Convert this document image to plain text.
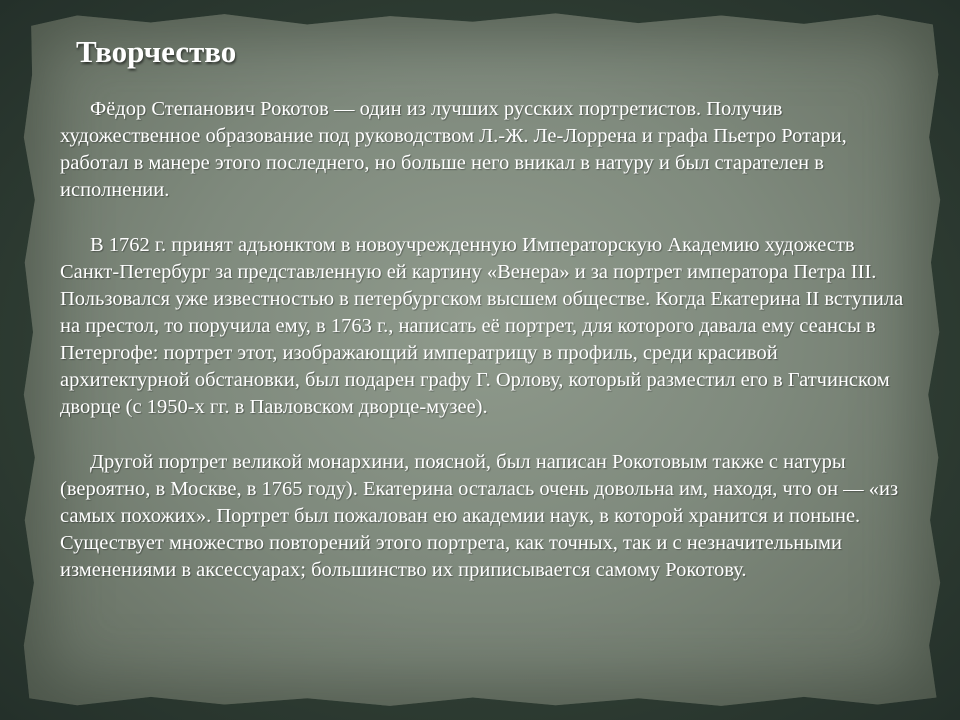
Творчество

Фёдор Степанович Рокотов — один из лучших русских портретистов. Получив художественное образование под руководством Л.-Ж. Ле-Лоррена и графа Пьетро Ротари, работал в манере этого последнего, но больше него вникал в натуру и был старателен в исполнении.

В 1762 г. принят адъюнктом в новоучрежденную Императорскую Академию художеств Санкт-Петербург за представленную ей картину «Венера» и за портрет императора Петра III. Пользовался уже известностью в петербургском высшем обществе. Когда Екатерина II вступила на престол, то поручила ему, в 1763 г., написать её портрет, для которого давала ему сеансы в Петергофе: портрет этот, изображающий императрицу в профиль, среди красивой архитектурной обстановки, был подарен графу Г. Орлову, который разместил его в Гатчинском дворце (с 1950-х гг. в Павловском дворце-музее).

Другой портрет великой монархини, поясной, был написан Рокотовым также с натуры (вероятно, в Москве, в 1765 году). Екатерина осталась очень довольна им, находя, что он — «из самых похожих». Портрет был пожалован ею академии наук, в которой хранится и поныне. Существует множество повторений этого портрета, как точных, так и с незначительными изменениями в аксессуарах; большинство их приписывается самому Рокотову.
